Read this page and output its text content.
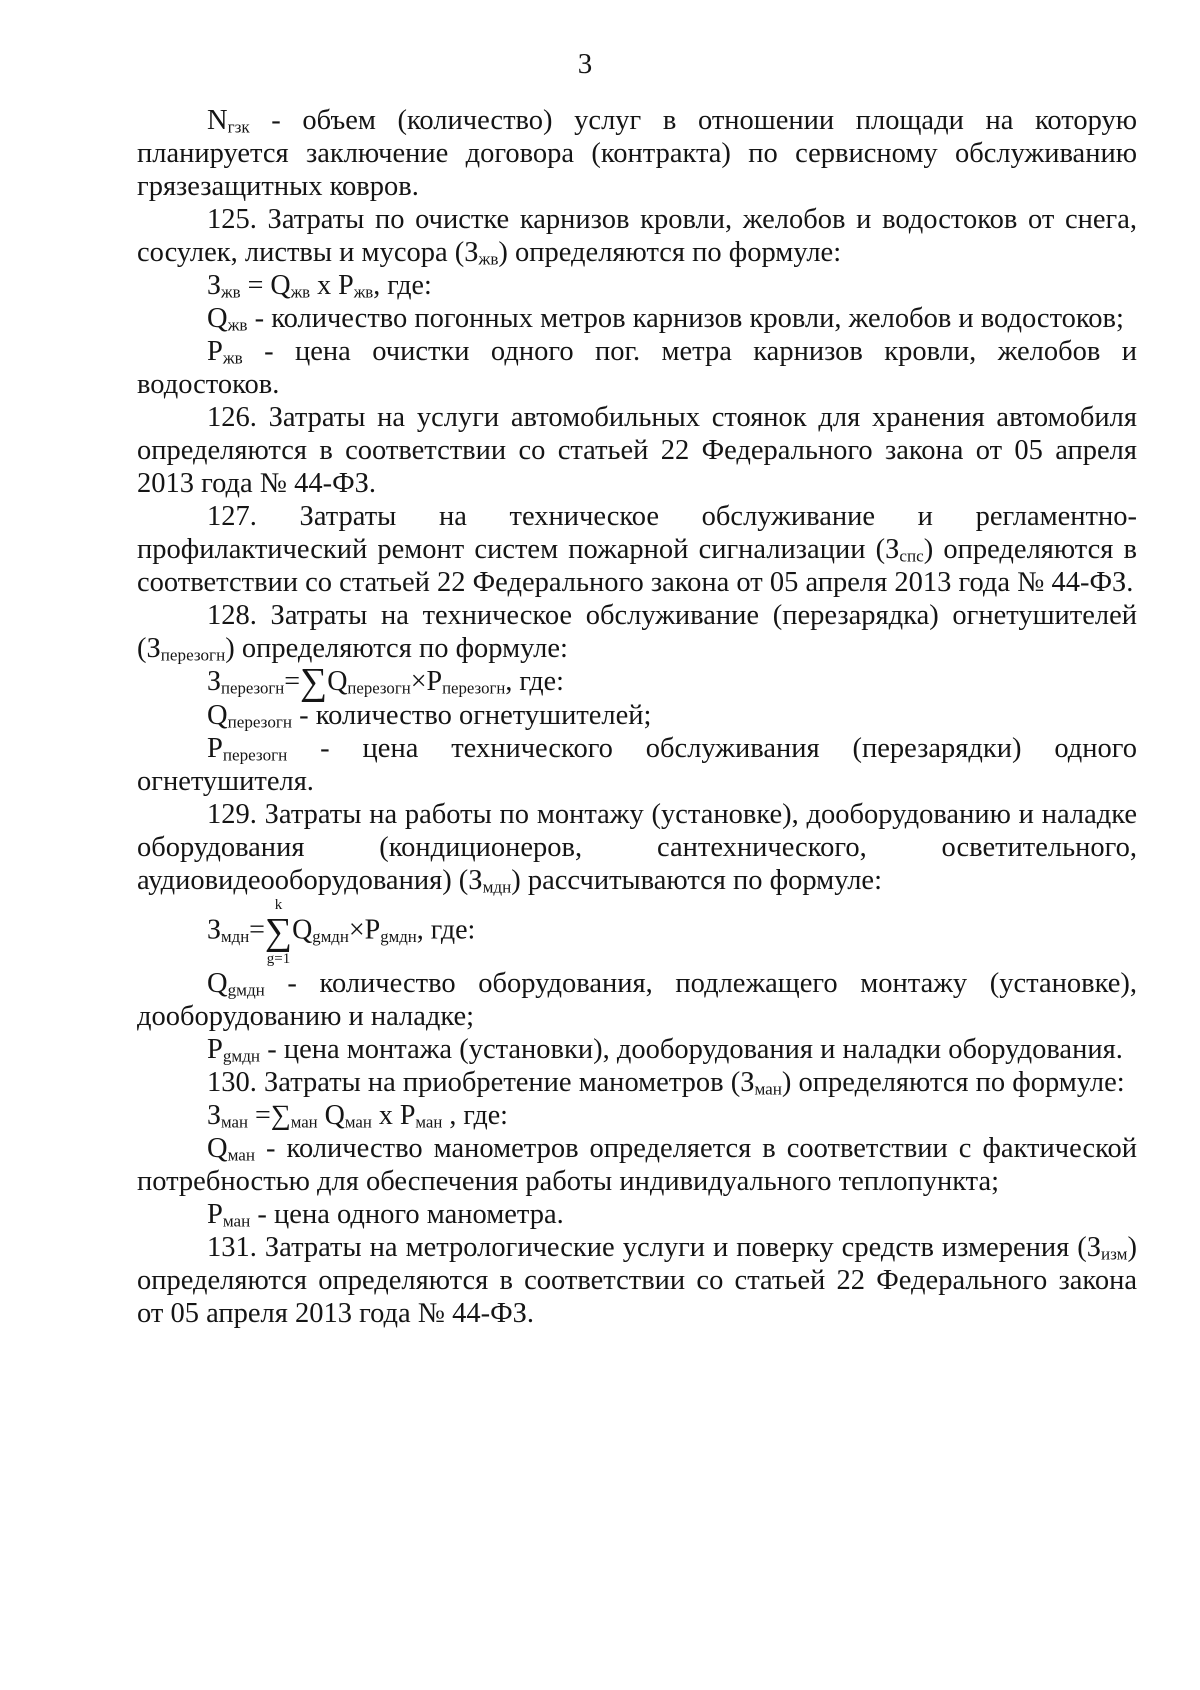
3

$N_{гзк}$ - объем (количество) услуг в отношении площади на которую планируется заключение договора (контракта) по сервисному обслуживанию грязезащитных ковров.

125. Затраты по очистке карнизов кровли, желобов и водостоков от снега, сосулек, листвы и мусора $(З_{жв})$ определяются по формуле:

$З_{жв} = Q_{жв}$ х $P_{жв}$, где:

$Q_{жв}$ - количество погонных метров карнизов кровли, желобов и водостоков;

$P_{жв}$ - цена очистки одного пог. метра карнизов кровли, желобов и водостоков.

126. Затраты на услуги автомобильных стоянок для хранения автомобиля определяются в соответствии со статьей 22 Федерального закона от 05 апреля 2013 года № 44-ФЗ.

127. Затраты на техническое обслуживание и регламентно-профилактический ремонт систем пожарной сигнализации $(З_{спс})$ определяются в соответствии со статьей 22 Федерального закона от 05 апреля 2013 года № 44-ФЗ.

128. Затраты на техническое обслуживание (перезарядка) огнетушителей $(З_{перезогн})$ определяются по формуле:

$З_{перезогн}=\sum Q_{перезогн}\times P_{перезогн}$, где:

$Q_{перезогн}$ - количество огнетушителей;

$P_{перезогн}$ - цена технического обслуживания (перезарядки) одного огнетушителя.

129. Затраты на работы по монтажу (установке), дооборудованию и наладке оборудования (кондиционеров, сантехнического, осветительного, аудиовидеооборудования) $(З_{мдн})$ рассчитываются по формуле:

$З_{мдн}=$
k
∑
g=1
$Q_{gмдн}\times P_{gмдн}$, где:

$Q_{gмдн}$ - количество оборудования, подлежащего монтажу (установке), дооборудованию и наладке;

$P_{gмдн}$ - цена монтажа (установки), дооборудования и наладки оборудования.

130. Затраты на приобретение манометров $(З_{ман})$ определяются по формуле:

$З_{ман} =\sum_{ман}$ $Q_{ман}$ х $P_{ман}$ , где:

$Q_{ман}$ - количество манометров определяется в соответствии с фактической потребностью для обеспечения работы индивидуального теплопункта;

$P_{ман}$ - цена одного манометра.

131. Затраты на метрологические услуги и поверку средств измерения $(З_{изм})$ определяются определяются в соответствии со статьей 22 Федерального закона от 05 апреля 2013 года № 44-ФЗ.
